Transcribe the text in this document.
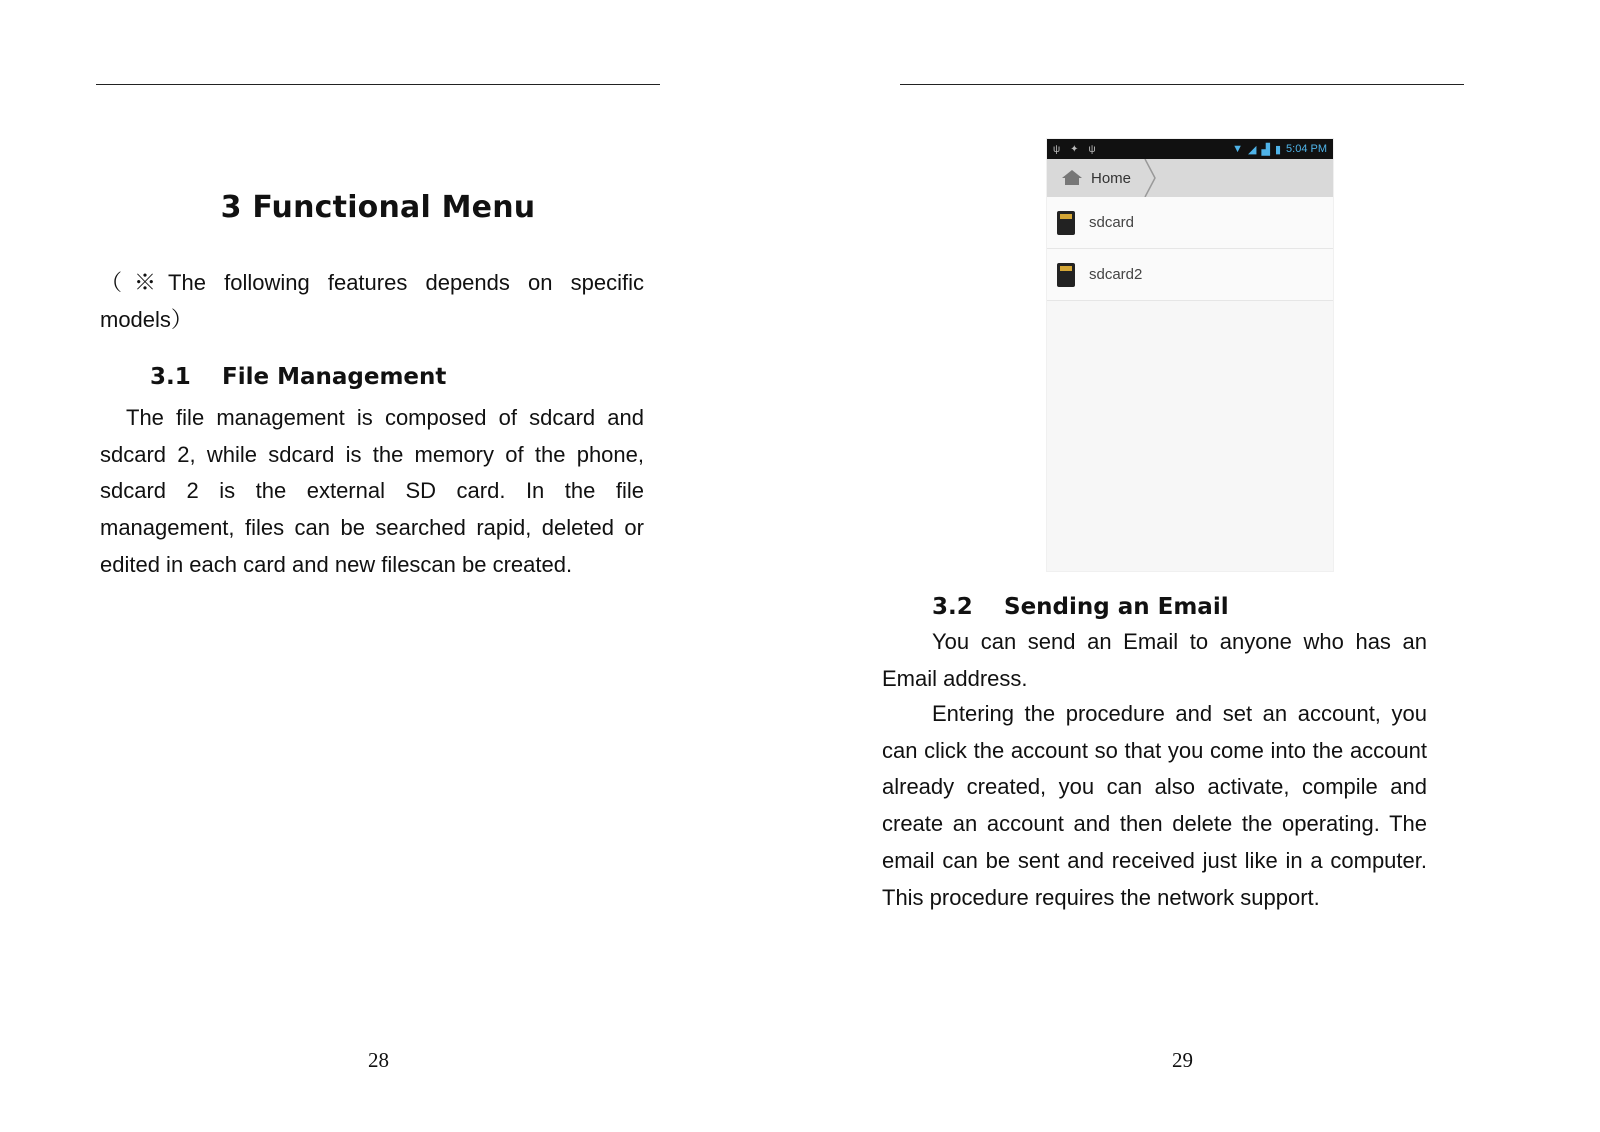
3 Functional Menu

（※The following features depends on specific models）

3.1	File Management

The file management is composed of sdcard and sdcard 2, while sdcard is the memory of the phone, sdcard 2 is the external SD card. In the file management, files can be searched rapid, deleted or edited in each card and new filescan be created.

28
ψ ✦ ψ	▼ ◢ ▟ ▮ 5:04 PM
Home
sdcard
sdcard2
3.2	Sending an Email

You can send an Email to anyone who has an Email address.

Entering the procedure and set an account, you can click the account so that you come into the account already created, you can also activate, compile and create an account and then delete the operating. The email can be sent and received just like in a computer. This procedure requires the network support.

29
